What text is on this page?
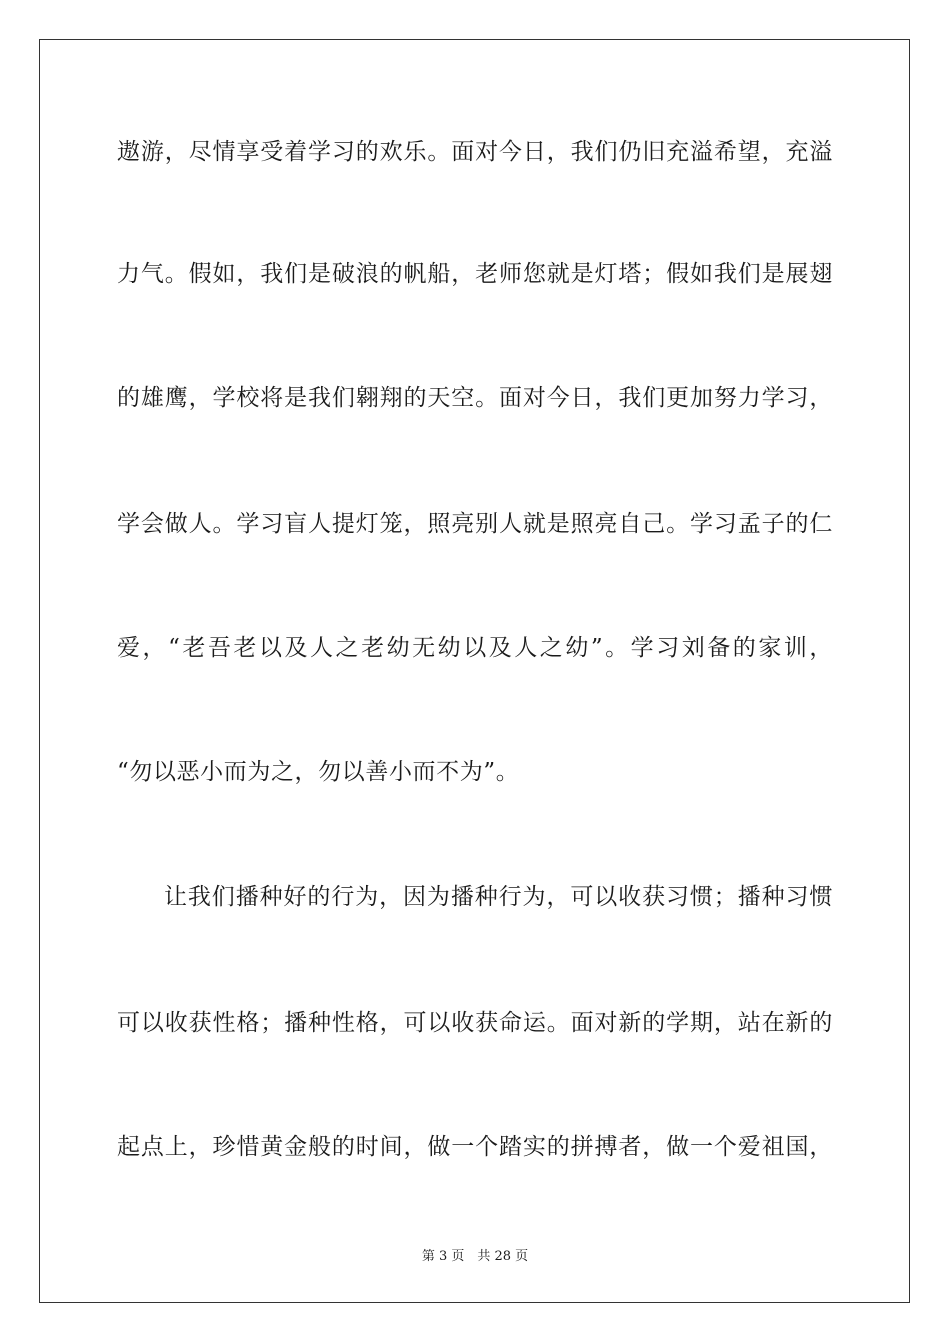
遨游，尽情享受着学习的欢乐。面对今日，我们仍旧充溢希望，充溢
力气。假如，我们是破浪的帆船，老师您就是灯塔；假如我们是展翅
的雄鹰，学校将是我们翱翔的天空。面对今日，我们更加努力学习，
学会做人。学习盲人提灯笼，照亮别人就是照亮自己。学习孟子的仁
爱，“老吾老以及人之老幼无幼以及人之幼”。学习刘备的家训，
“勿以恶小而为之，勿以善小而不为”。
让我们播种好的行为，因为播种行为，可以收获习惯；播种习惯
可以收获性格；播种性格，可以收获命运。面对新的学期，站在新的
起点上，珍惜黄金般的时间，做一个踏实的拼搏者，做一个爱祖国，
第 3 页　共 28 页
